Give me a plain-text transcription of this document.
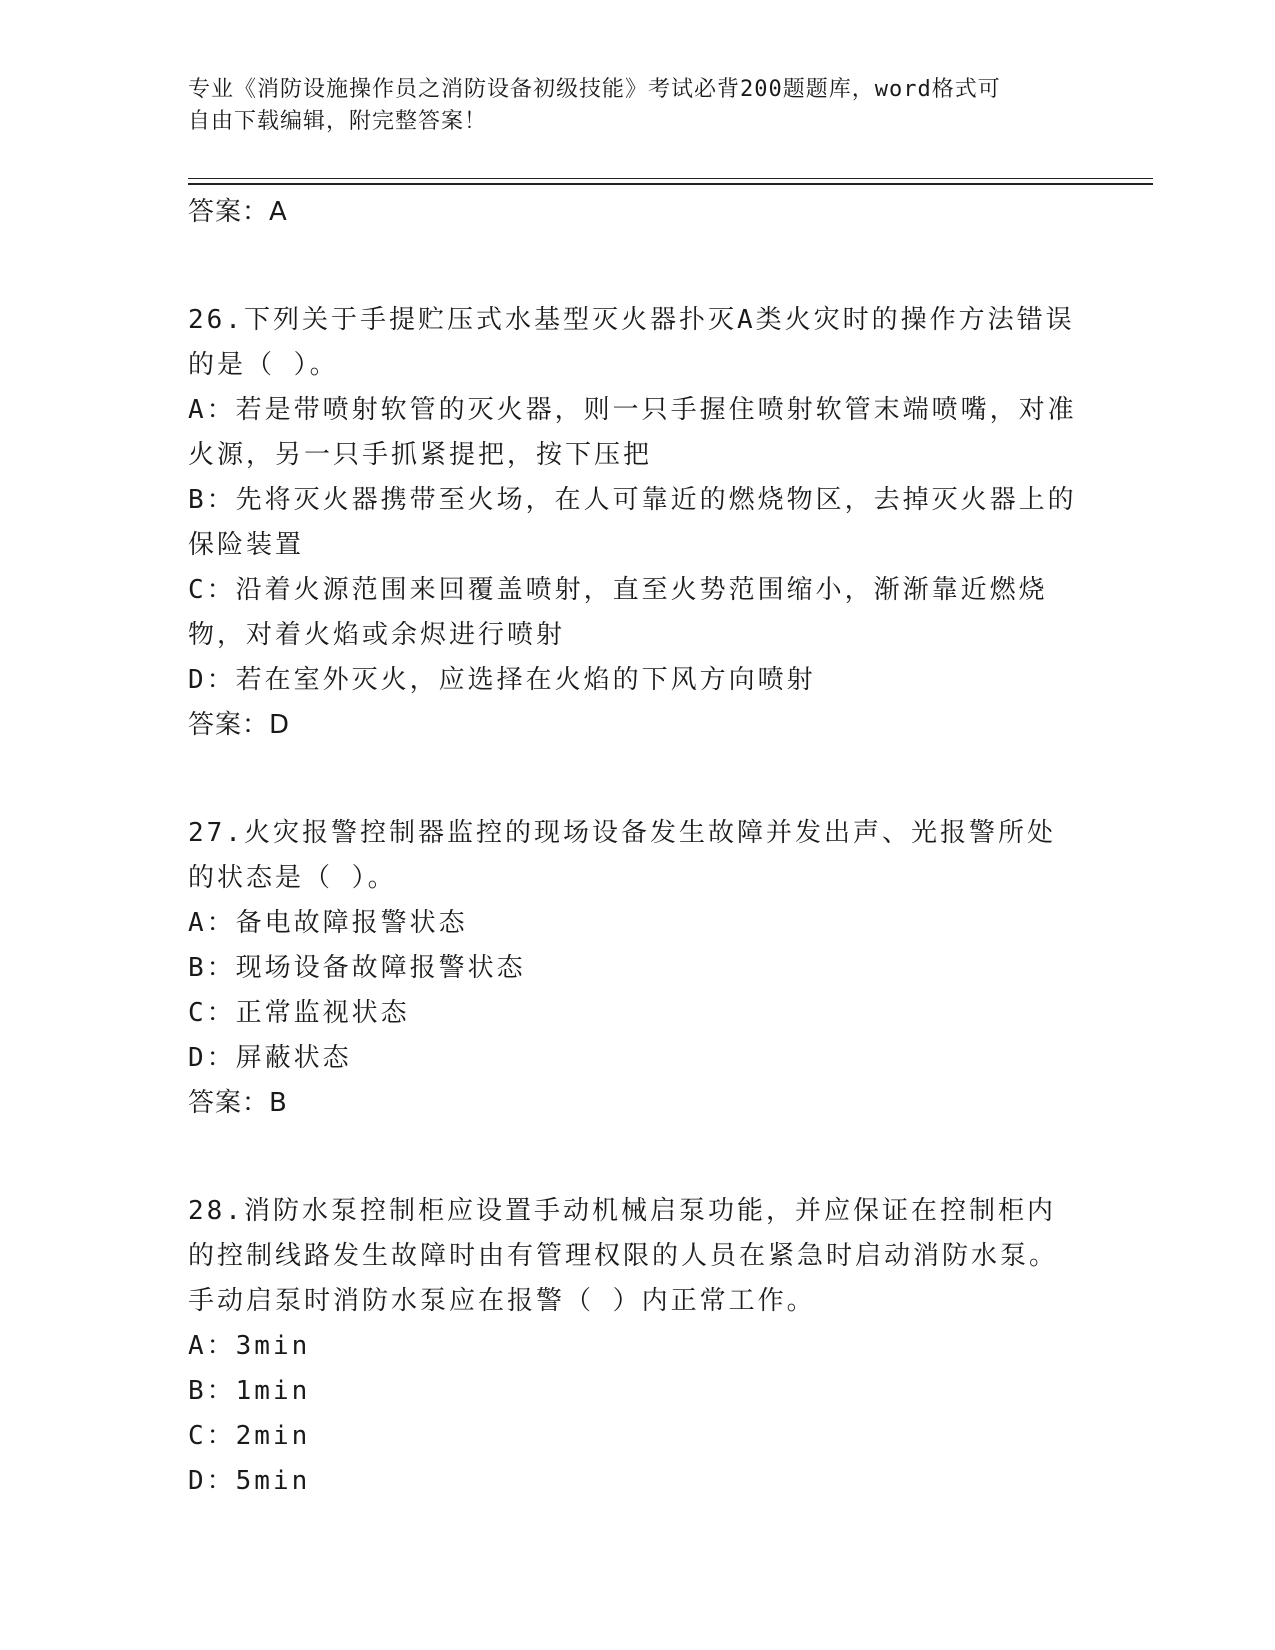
专业《消防设施操作员之消防设备初级技能》考试必背200题题库，word格式可
自由下载编辑，附完整答案！
答案：A

26.下列关于手提贮压式水基型灭火器扑灭A类火灾时的操作方法错误的是（ ）。

A：若是带喷射软管的灭火器，则一只手握住喷射软管末端喷嘴，对准火源，另一只手抓紧提把，按下压把

B：先将灭火器携带至火场，在人可靠近的燃烧物区，去掉灭火器上的保险装置

C：沿着火源范围来回覆盖喷射，直至火势范围缩小，渐渐靠近燃烧物，对着火焰或余烬进行喷射

D：若在室外灭火，应选择在火焰的下风方向喷射

答案：D

27.火灾报警控制器监控的现场设备发生故障并发出声、光报警所处的状态是（ ）。

A：备电故障报警状态

B：现场设备故障报警状态

C：正常监视状态

D：屏蔽状态

答案：B

28.消防水泵控制柜应设置手动机械启泵功能，并应保证在控制柜内的控制线路发生故障时由有管理权限的人员在紧急时启动消防水泵。手动启泵时消防水泵应在报警（ ）内正常工作。

A：3min

B：1min

C：2min

D：5min
